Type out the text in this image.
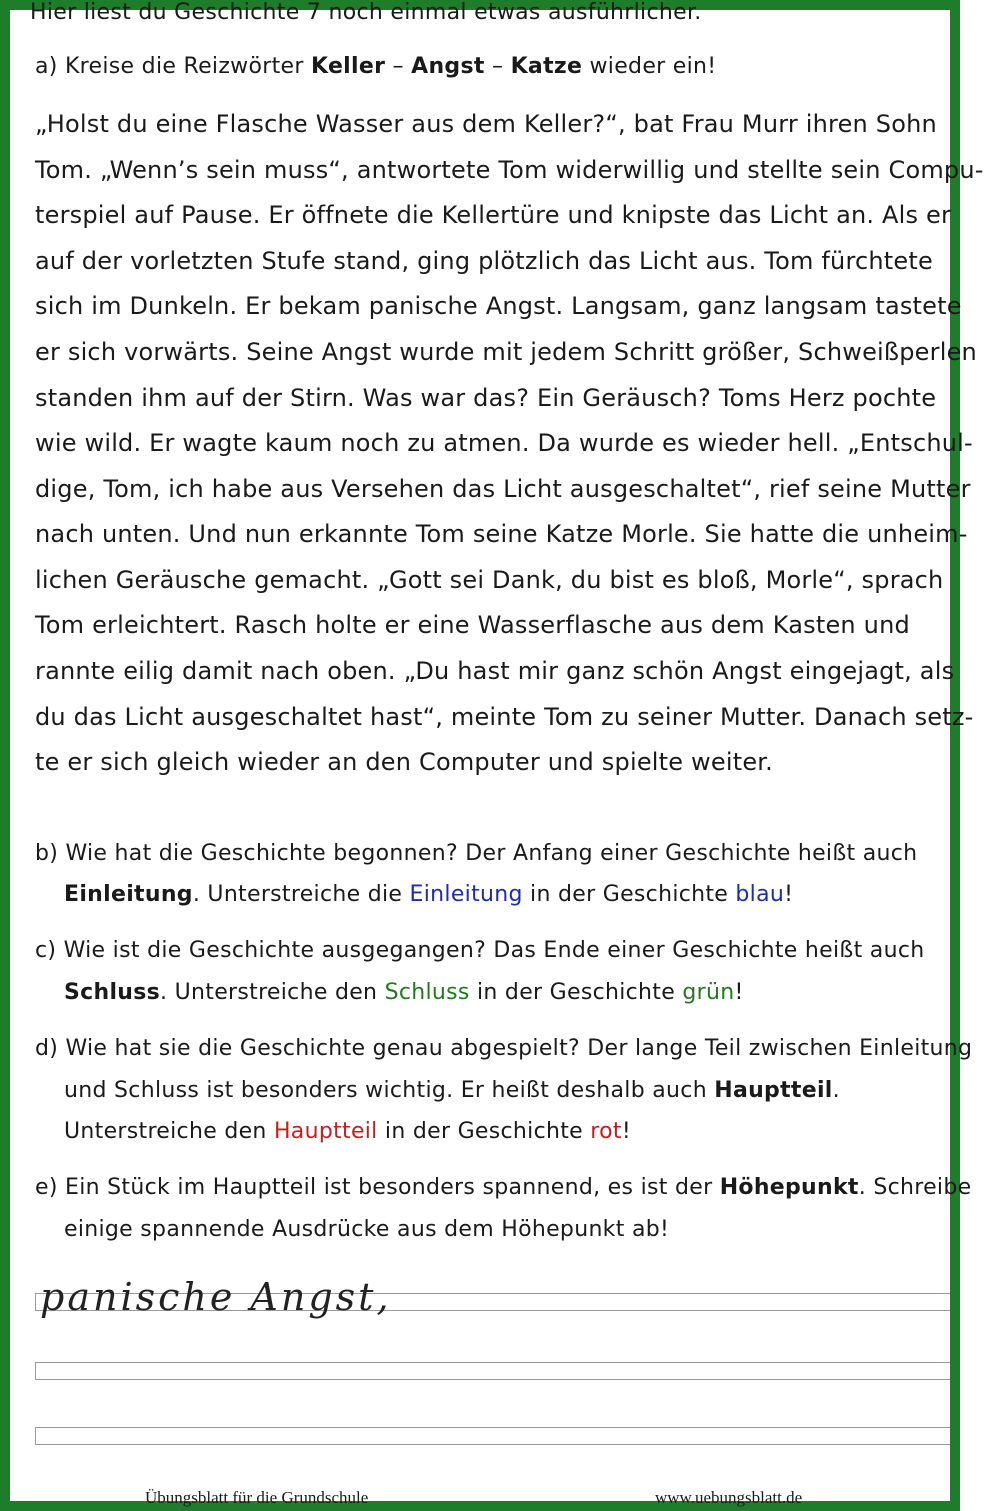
Hier liest du Geschichte 7 noch einmal etwas ausführlicher.
a) Kreise die Reizwörter Keller – Angst – Katze wieder ein!
„Holst du eine Flasche Wasser aus dem Keller?“, bat Frau Murr ihren Sohn
Tom. „Wenn’s sein muss“, antwortete Tom widerwillig und stellte sein Compu-
terspiel auf Pause. Er öffnete die Kellertüre und knipste das Licht an. Als er
auf der vorletzten Stufe stand, ging plötzlich das Licht aus. Tom fürchtete
sich im Dunkeln. Er bekam panische Angst. Langsam, ganz langsam tastete
er sich vorwärts. Seine Angst wurde mit jedem Schritt größer, Schweißperlen
standen ihm auf der Stirn. Was war das? Ein Geräusch? Toms Herz pochte
wie wild. Er wagte kaum noch zu atmen. Da wurde es wieder hell. „Entschul-
dige, Tom, ich habe aus Versehen das Licht ausgeschaltet“, rief seine Mutter
nach unten. Und nun erkannte Tom seine Katze Morle. Sie hatte die unheim-
lichen Geräusche gemacht. „Gott sei Dank, du bist es bloß, Morle“, sprach
Tom erleichtert. Rasch holte er eine Wasserflasche aus dem Kasten und
rannte eilig damit nach oben. „Du hast mir ganz schön Angst eingejagt, als
du das Licht ausgeschaltet hast“, meinte Tom zu seiner Mutter. Danach setz-
te er sich gleich wieder an den Computer und spielte weiter.
b) Wie hat die Geschichte begonnen? Der Anfang einer Geschichte heißt auch
Einleitung. Unterstreiche die Einleitung in der Geschichte blau!
c) Wie ist die Geschichte ausgegangen? Das Ende einer Geschichte heißt auch
Schluss. Unterstreiche den Schluss in der Geschichte grün!
d) Wie hat sie die Geschichte genau abgespielt? Der lange Teil zwischen Einleitung
und Schluss ist besonders wichtig. Er heißt deshalb auch Hauptteil.
Unterstreiche den Hauptteil in der Geschichte rot!
e) Ein Stück im Hauptteil ist besonders spannend, es ist der Höhepunkt. Schreibe
einige spannende Ausdrücke aus dem Höhepunkt ab!
panische Angst,
Übungsblatt für die Grundschule	www.uebungsblatt.de
